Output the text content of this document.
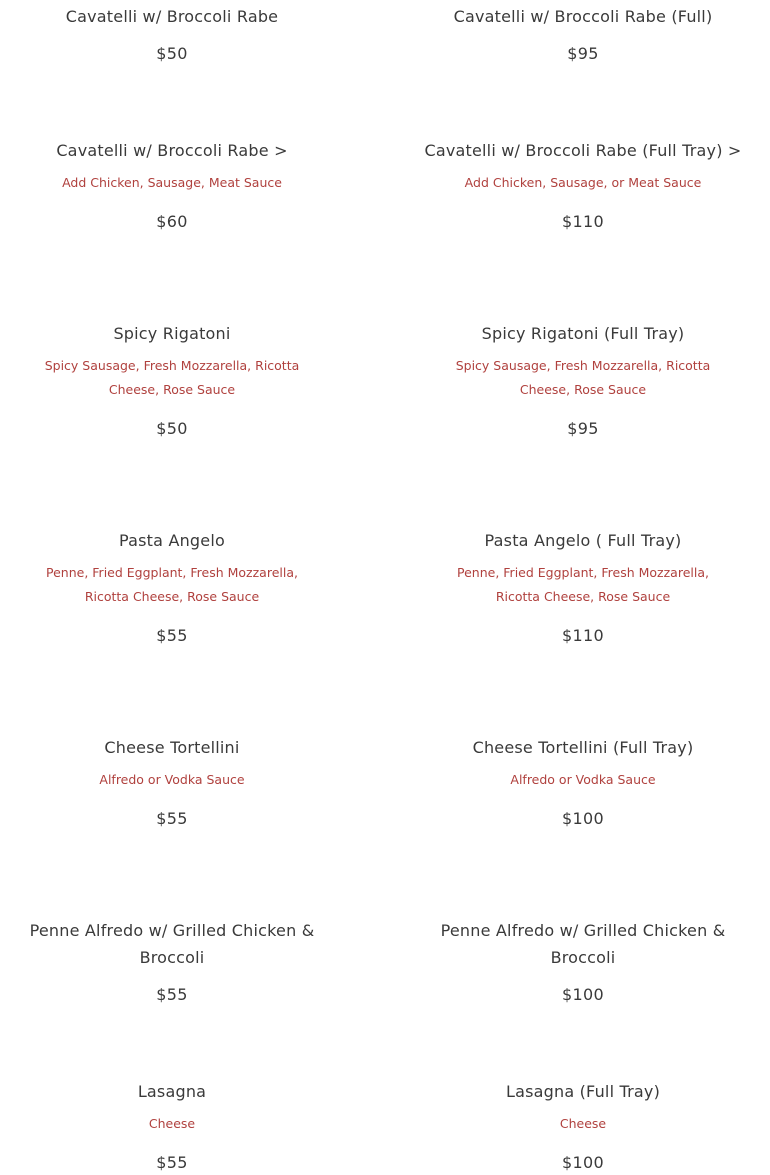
Cavatelli w/ Broccoli Rabe
$50
Cavatelli w/ Broccoli Rabe (Full)
$95
Cavatelli w/ Broccoli Rabe >
Add Chicken, Sausage, Meat Sauce
$60
Cavatelli w/ Broccoli Rabe (Full Tray) >
Add Chicken, Sausage, or Meat Sauce
$110
Spicy Rigatoni
Spicy Sausage, Fresh Mozzarella, Ricotta Cheese, Rose Sauce
$50
Spicy Rigatoni (Full Tray)
Spicy Sausage, Fresh Mozzarella, Ricotta Cheese, Rose Sauce
$95
Pasta Angelo
Penne, Fried Eggplant, Fresh Mozzarella, Ricotta Cheese, Rose Sauce
$55
Pasta Angelo ( Full Tray)
Penne, Fried Eggplant, Fresh Mozzarella, Ricotta Cheese, Rose Sauce
$110
Cheese Tortellini
Alfredo or Vodka Sauce
$55
Cheese Tortellini (Full Tray)
Alfredo or Vodka Sauce
$100
Penne Alfredo w/ Grilled Chicken & Broccoli
$55
Penne Alfredo w/ Grilled Chicken & Broccoli
$100
Lasagna
Cheese
$55
Lasagna (Full Tray)
Cheese
$100
